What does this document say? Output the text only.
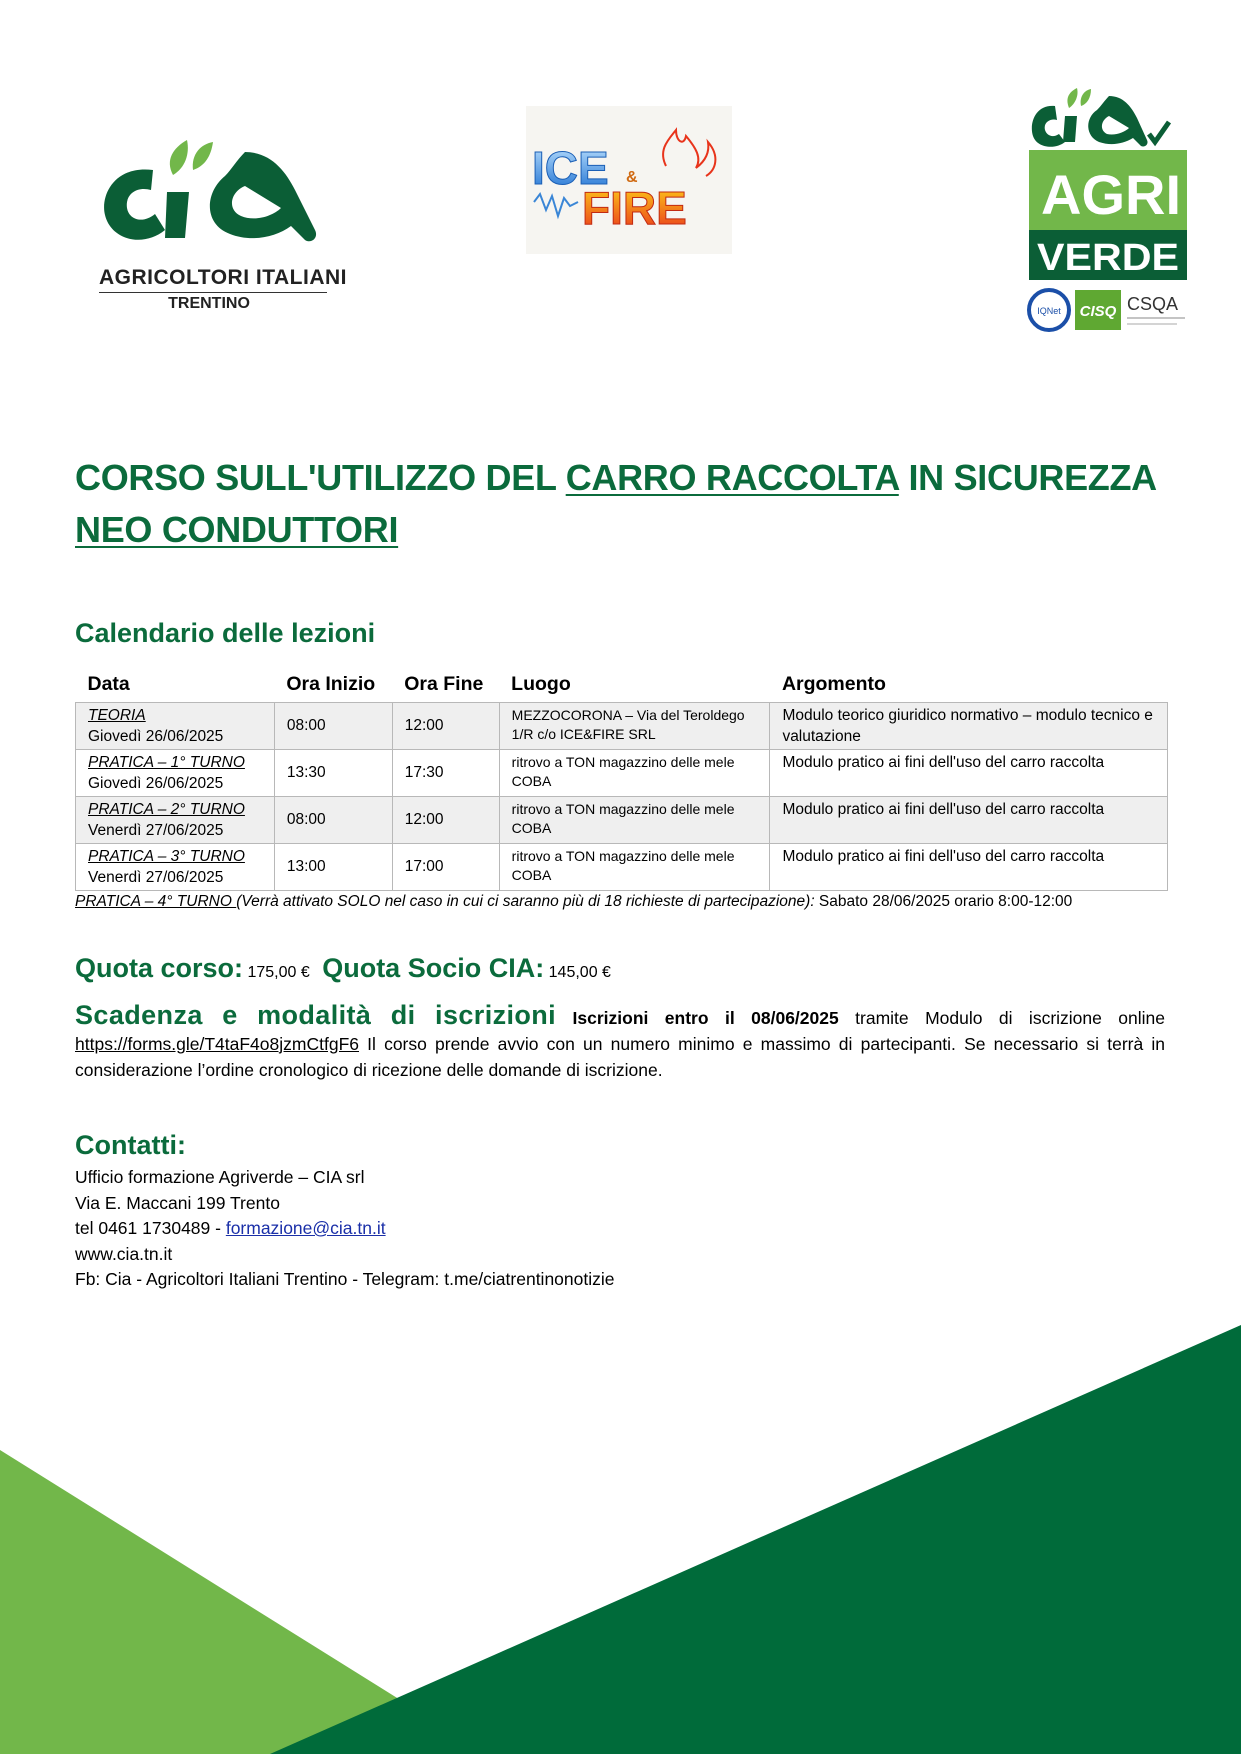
AGRICOLTORI ITALIANI
TRENTINO
ICE &
FIRE	AGRI
VERDE
IQNet CISQ CSQA
CORSO SULL'UTILIZZO DEL CARRO RACCOLTA IN SICUREZZA
NEO CONDUTTORI
Calendario delle lezioni
Data	Ora Inizio	Ora Fine	Luogo	Argomento
TEORIA
Giovedì 26/06/2025	08:00	12:00	MEZZOCORONA – Via del Teroldego 1/R c/o ICE&FIRE SRL	Modulo teorico giuridico normativo – modulo tecnico e valutazione
PRATICA – 1° TURNO
Giovedì 26/06/2025	13:30	17:30	ritrovo a TON magazzino delle mele COBA	Modulo pratico ai fini dell'uso del carro raccolta
PRATICA – 2° TURNO
Venerdì 27/06/2025	08:00	12:00	ritrovo a TON magazzino delle mele COBA	Modulo pratico ai fini dell'uso del carro raccolta
PRATICA – 3° TURNO
Venerdì 27/06/2025	13:00	17:00	ritrovo a TON magazzino delle mele COBA	Modulo pratico ai fini dell'uso del carro raccolta
PRATICA – 4° TURNO (Verrà attivato SOLO nel caso in cui ci saranno più di 18 richieste di partecipazione): Sabato 28/06/2025 orario 8:00-12:00
Quota corso: 175,00 € Quota Socio CIA: 145,00 €

Scadenza e modalità di iscrizioni Iscrizioni entro il 08/06/2025 tramite Modulo di iscrizione online https://forms.gle/T4taF4o8jzmCtfgF6 Il corso prende avvio con un numero minimo e massimo di partecipanti. Se necessario si terrà in considerazione l’ordine cronologico di ricezione delle domande di iscrizione.

Contatti:
Ufficio formazione Agriverde – CIA srl
Via E. Maccani 199 Trento
tel 0461 1730489 - formazione@cia.tn.it
www.cia.tn.it
Fb: Cia - Agricoltori Italiani Trentino - Telegram: t.me/ciatrentinonotizie
